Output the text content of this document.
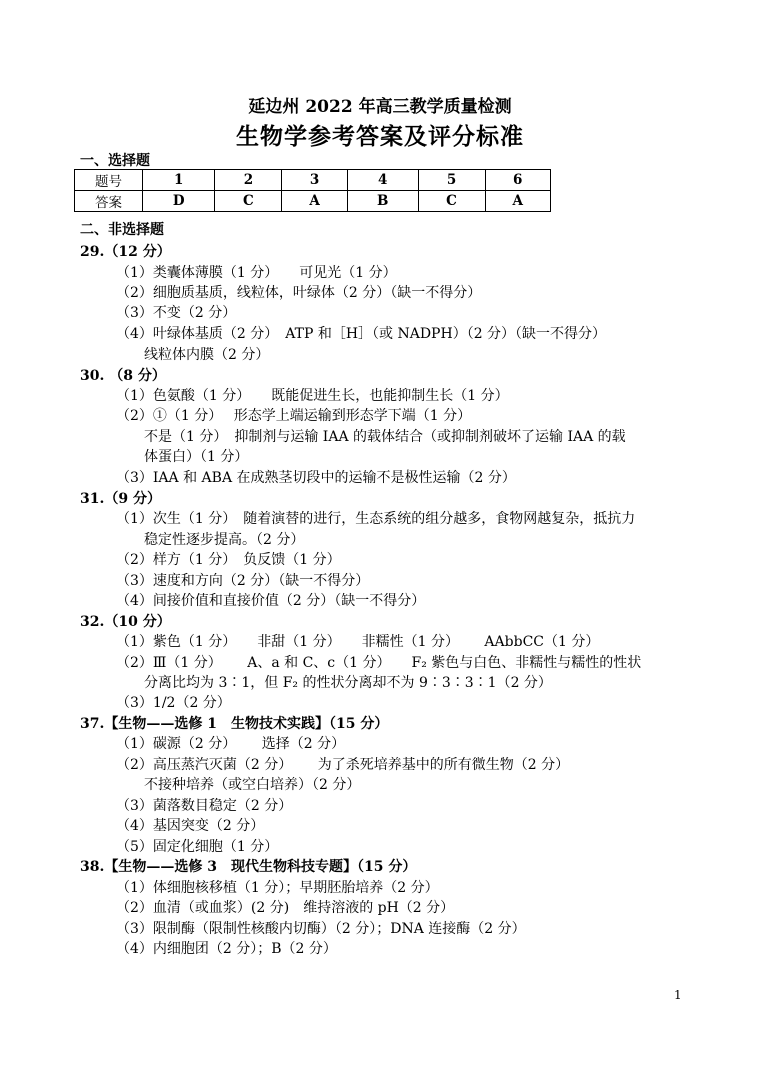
延边州 2022 年高三教学质量检测
生物学参考答案及评分标准
一、选择题
题号	1	2	3	4	5	6
答案	D	C	A	B	C	A
二、非选择题
29.（12 分）
（1）类囊体薄膜（1 分）　　可见光（1 分）
（2）细胞质基质，线粒体，叶绿体（2 分）（缺一不得分）
（3）不变（2 分）
（4）叶绿体基质（2 分）　ATP 和［H］（或 NADPH）（2 分）（缺一不得分）
线粒体内膜（2 分）
30. （8 分）
（1）色氨酸（1 分）　　既能促进生长，也能抑制生长（1 分）
（2）①（1 分）　 形态学上端运输到形态学下端（1 分）
不是（1 分）　抑制剂与运输 IAA 的载体结合（或抑制剂破坏了运输 IAA 的载
体蛋白）（1 分）
（3）IAA 和 ABA 在成熟茎切段中的运输不是极性运输（2 分）
31.（9 分）
（1）次生（1 分）　随着演替的进行，生态系统的组分越多，食物网越复杂，抵抗力
稳定性逐步提高。（2 分）
（2）样方（1 分）　负反馈（1 分）
（3）速度和方向（2 分）（缺一不得分）
（4）间接价值和直接价值（2 分）（缺一不得分）
32.（10 分）
（1）紫色（1 分）　　非甜（1 分）　　非糯性（1 分）　　 AAbbCC（1 分）
（2）Ⅲ（1 分）　　 A、a 和 C、c（1 分）　　F₂ 紫色与白色、非糯性与糯性的性状
分离比均为 3∶1，但 F₂ 的性状分离却不为 9∶3∶3∶1（2 分）
（3）1/2（2 分）
37.【生物——选修 1　生物技术实践】（15 分）
（1）碳源（2 分）　　 选择（2 分）
（2）高压蒸汽灭菌（2 分）　　 为了杀死培养基中的所有微生物（2 分）
不接种培养（或空白培养）（2 分）
（3）菌落数目稳定（2 分）
（4）基因突变（2 分）
（5）固定化细胞（1 分）
38.【生物——选修 3　现代生物科技专题】（15 分）
（1）体细胞核移植（1 分）；早期胚胎培养（2 分）
（2）血清（或血浆）(2 分)　维持溶液的 pH（2 分）
（3）限制酶（限制性核酸内切酶）（2 分）；DNA 连接酶（2 分）
（4）内细胞团（2 分）；B（2 分）
1
